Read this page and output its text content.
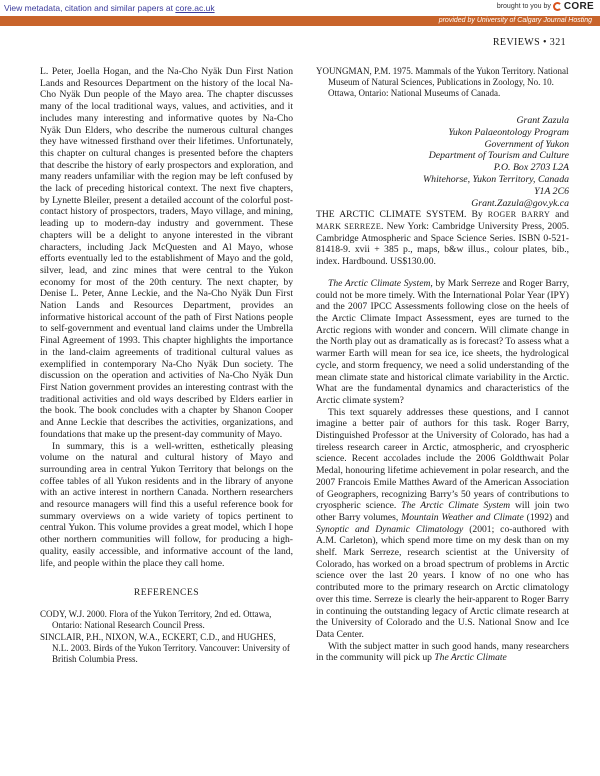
View metadata, citation and similar papers at core.ac.uk	brought to you by CORE
provided by University of Calgary Journal Hosting
REVIEWS • 321

L. Peter, Joella Hogan, and the Na-Cho Nyäk Dun First Nation Lands and Resources Department on the history of the local Na-Cho Nyäk Dun people of the Mayo area. The chapter discusses many of the local traditional ways, values, and activities, and it includes many interesting and informative quotes by Na-Cho Nyäk Dun Elders, who describe the numerous cultural changes they have witnessed firsthand over their lifetimes. Unfortunately, this chapter on cultural changes is presented before the chapters that describe the history of early prospectors and exploration, and many readers unfamiliar with the region may be left confused by the lack of preceding historical context. The next five chapters, by Lynette Bleiler, present a detailed account of the colorful post-contact history of prospectors, traders, Mayo village, and mining, leading up to modern-day industry and government. These chapters will be a delight to anyone interested in the vibrant characters, including Jack McQuesten and Al Mayo, whose efforts eventually led to the establishment of Mayo and the gold, silver, lead, and zinc mines that were central to the Yukon economy for most of the 20th century. The next chapter, by Denise L. Peter, Anne Leckie, and the Na-Cho Nyäk Dun First Nation Lands and Resources Department, provides an informative historical account of the path of First Nations people to self-government and eventual land claims under the Umbrella Final Agreement of 1993. This chapter highlights the importance in the land-claim agreements of traditional cultural values as exemplified in contemporary Na-Cho Nyäk Dun society. The discussion on the operation and activities of Na-Cho Nyäk Dun First Nation government provides an interesting contrast with the traditional activities and old ways described by Elders earlier in the book. The book concludes with a chapter by Shanon Cooper and Anne Leckie that describes the activities, organizations, and foundations that make up the present-day community of Mayo.

In summary, this is a well-written, esthetically pleasing volume on the natural and cultural history of Mayo and surrounding area in central Yukon Territory that belongs on the coffee tables of all Yukon residents and in the library of anyone with an active interest in northern Canada. Northern researchers and resource managers will find this a useful reference book for summary overviews on a wide variety of topics pertinent to central Yukon. This volume provides a great model, which I hope other northern communities will follow, for producing a high-quality, easily accessible, and informative account of the land, life, and people within the place they call home.

REFERENCES

CODY, W.J. 2000. Flora of the Yukon Territory, 2nd ed. Ottawa, Ontario: National Research Council Press.

SINCLAIR, P.H., NIXON, W.A., ECKERT, C.D., and HUGHES, N.L. 2003. Birds of the Yukon Territory. Vancouver: University of British Columbia Press.

YOUNGMAN, P.M. 1975. Mammals of the Yukon Territory. National Museum of Natural Sciences, Publications in Zoology, No. 10. Ottawa, Ontario: National Museums of Canada.

Grant Zazula
Yukon Palaeontology Program
Government of Yukon
Department of Tourism and Culture
P.O. Box 2703 L2A
Whitehorse, Yukon Territory, Canada
Y1A 2C6
Grant.Zazula@gov.yk.ca

THE ARCTIC CLIMATE SYSTEM. By ROGER BARRY and MARK SERREZE. New York: Cambridge University Press, 2005. Cambridge Atmospheric and Space Science Series. ISBN 0-521-81418-9. xvii + 385 p., maps, b&w illus., colour plates, bib., index. Hardbound. US$130.00.

The Arctic Climate System, by Mark Serreze and Roger Barry, could not be more timely. With the International Polar Year (IPY) and the 2007 IPCC Assessments following close on the heels of the Arctic Climate Impact Assessment, eyes are turned to the Arctic regions with wonder and concern. Will climate change in the North play out as dramatically as is forecast? To assess what a warmer Earth will mean for sea ice, ice sheets, the hydrological cycle, and storm frequency, we need a solid understanding of the mean climate state and historical climate variability in the Arctic. What are the fundamental dynamics and characteristics of the Arctic climate system?

This text squarely addresses these questions, and I cannot imagine a better pair of authors for this task. Roger Barry, Distinguished Professor at the University of Colorado, has had a tireless research career in Arctic, atmospheric, and cryospheric science. Recent accolades include the 2006 Goldthwait Polar Medal, honouring lifetime achievement in polar research, and the 2007 Francois Emile Matthes Award of the American Association of Geographers, recognizing Barry’s 50 years of contributions to cryospheric science. The Arctic Climate System will join two other Barry volumes, Mountain Weather and Climate (1992) and Synoptic and Dynamic Climatology (2001; co-authored with A.M. Carleton), which spend more time on my desk than on my shelf. Mark Serreze, research scientist at the University of Colorado, has worked on a broad spectrum of problems in Arctic science over the last 20 years. I know of no one who has contributed more to the primary research on Arctic climatology over this time. Serreze is clearly the heir-apparent to Roger Barry in continuing the outstanding legacy of Arctic climate research at the University of Colorado and the U.S. National Snow and Ice Data Center.

With the subject matter in such good hands, many researchers in the community will pick up The Arctic Climate
